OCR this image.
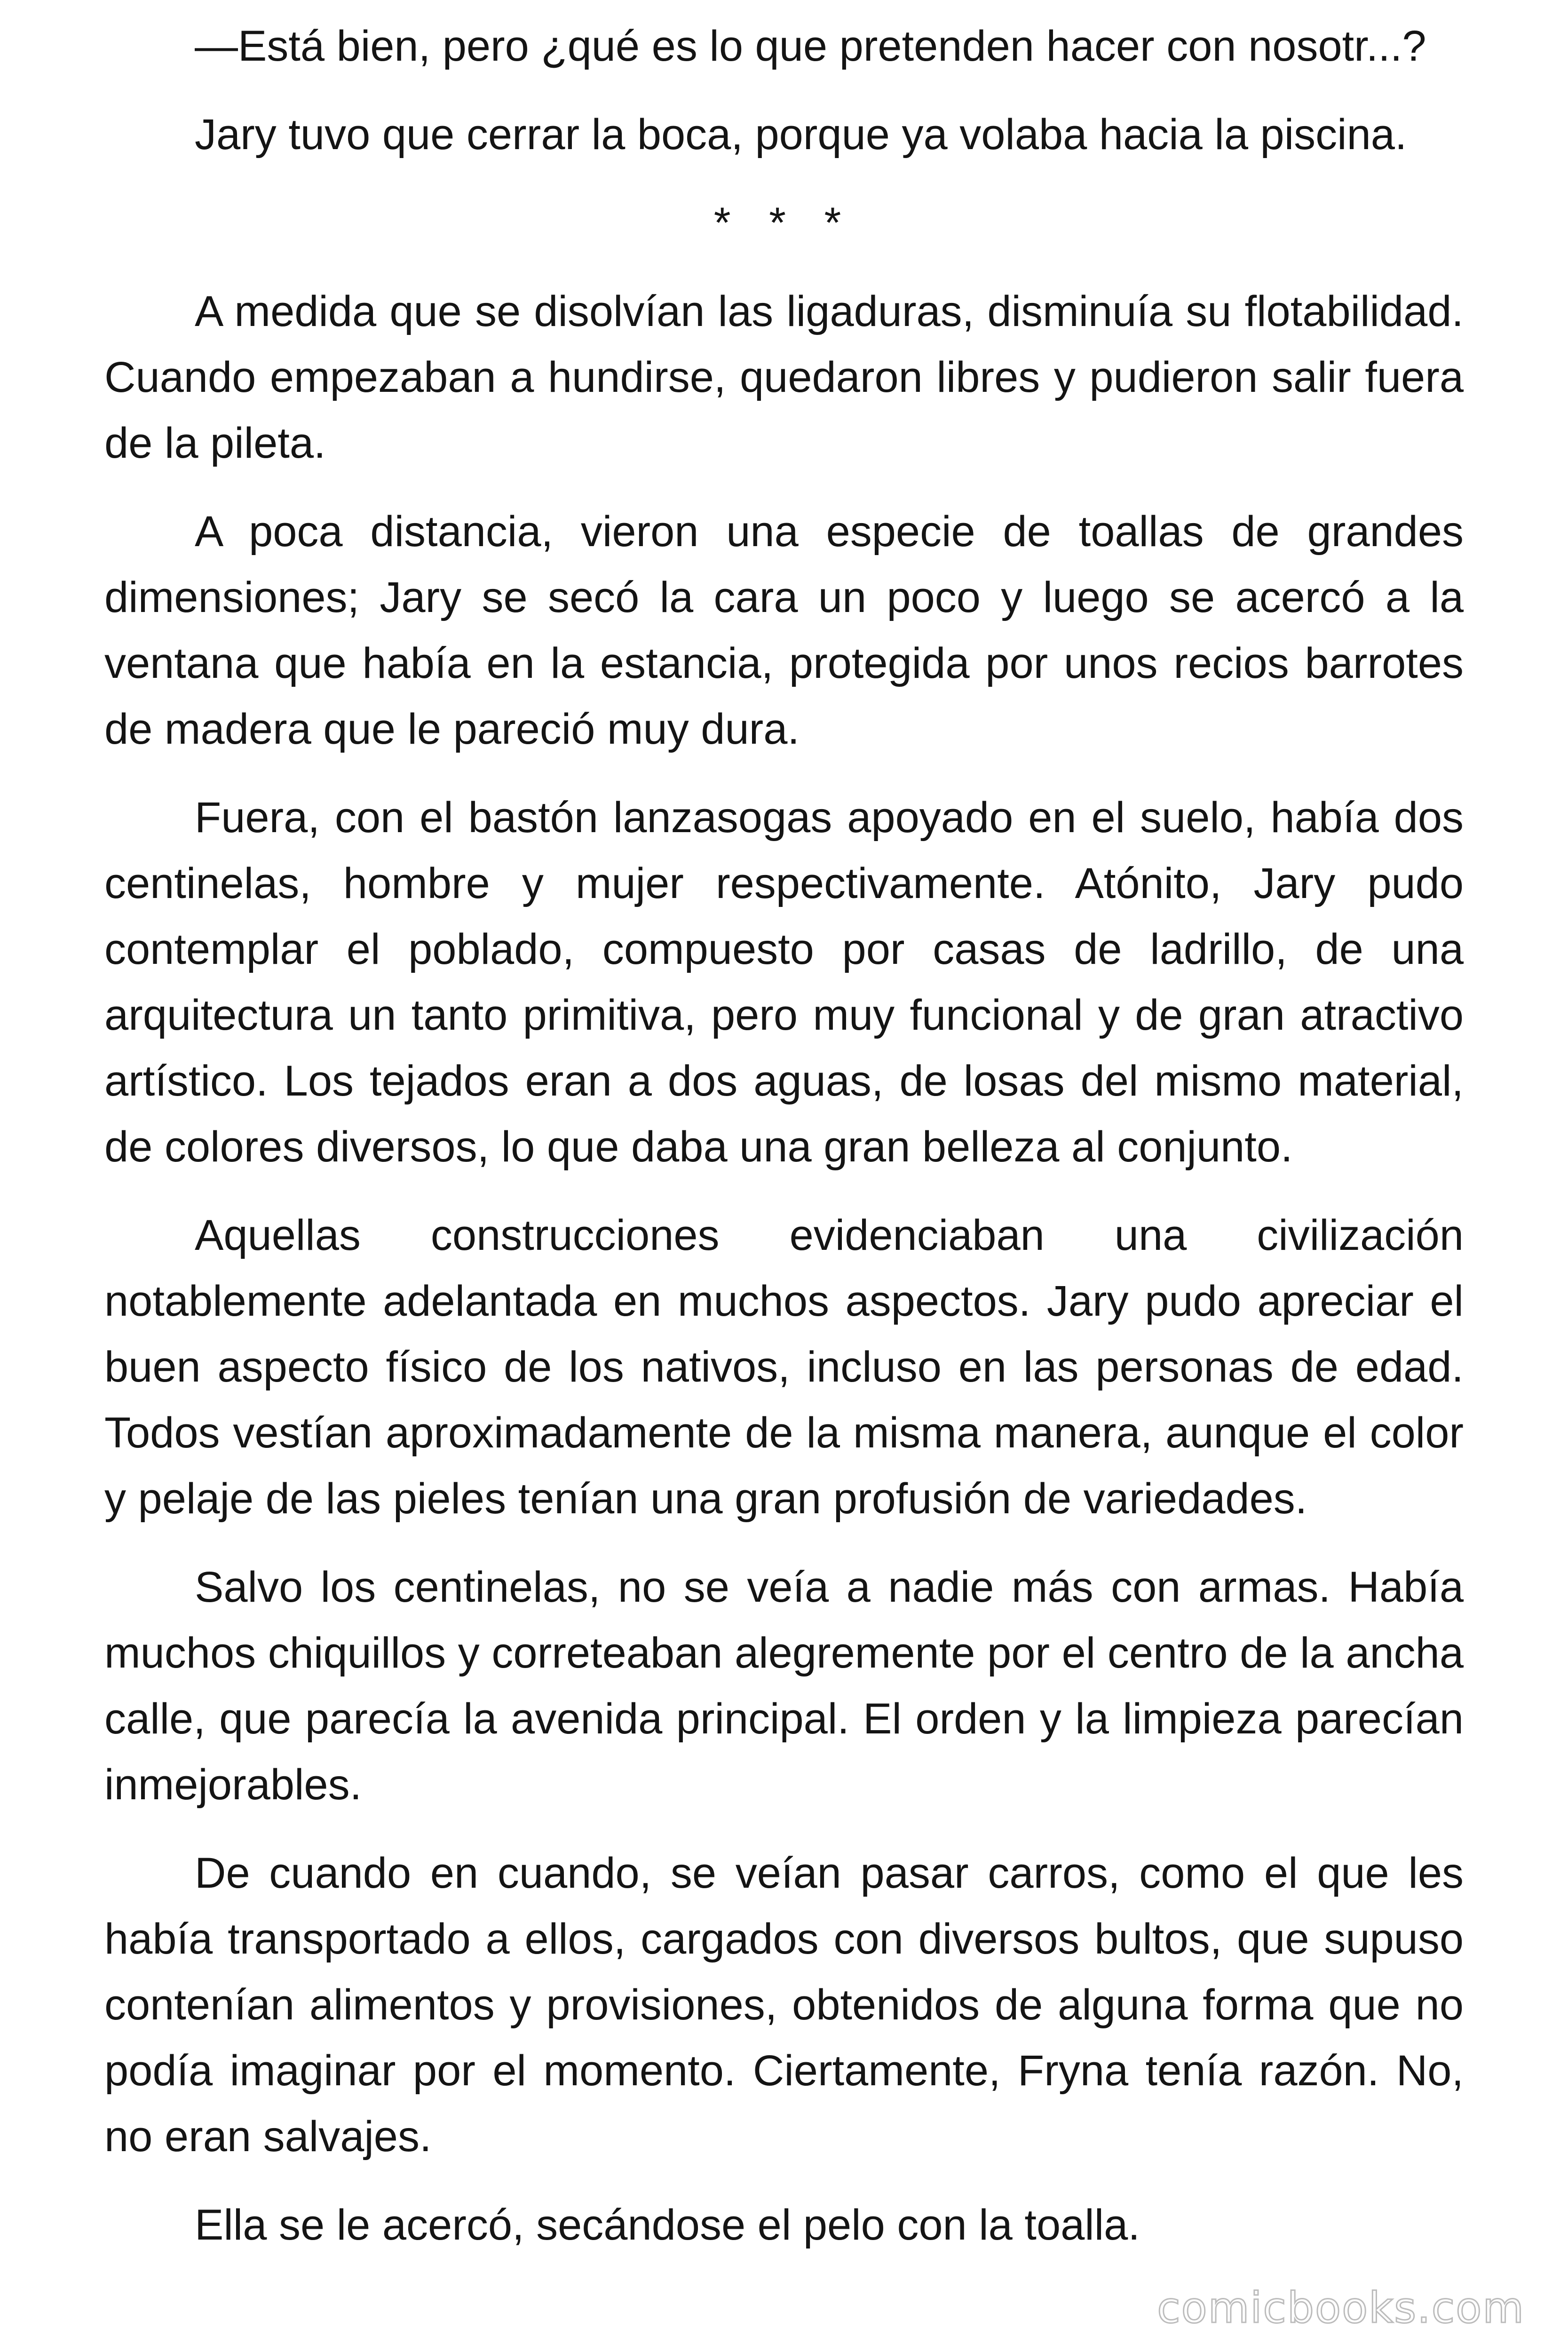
—Está bien, pero ¿qué es lo que pretenden hacer con nosotr...?

Jary tuvo que cerrar la boca, porque ya volaba hacia la piscina.

* * *

A medida que se disolvían las ligaduras, disminuía su flotabilidad. Cuando empezaban a hundirse, quedaron libres y pudieron salir fuera de la pileta.

A poca distancia, vieron una especie de toallas de grandes dimensiones; Jary se secó la cara un poco y luego se acercó a la ventana que había en la estancia, protegida por unos recios barrotes de madera que le pareció muy dura.

Fuera, con el bastón lanzasogas apoyado en el suelo, había dos centinelas, hombre y mujer respectivamente. Atónito, Jary pudo contemplar el poblado, compuesto por casas de ladrillo, de una arquitectura un tanto primitiva, pero muy funcional y de gran atractivo artístico. Los tejados eran a dos aguas, de losas del mismo material, de colores diversos, lo que daba una gran belleza al conjunto.

Aquellas construcciones evidenciaban una civilización notablemente adelantada en muchos aspectos. Jary pudo apreciar el buen aspecto físico de los nativos, incluso en las personas de edad. Todos vestían aproximadamente de la misma manera, aunque el color y pelaje de las pieles tenían una gran profusión de variedades.

Salvo los centinelas, no se veía a nadie más con armas. Había muchos chiquillos y correteaban alegremente por el centro de la ancha calle, que parecía la avenida principal. El orden y la limpieza parecían inmejorables.

De cuando en cuando, se veían pasar carros, como el que les había transportado a ellos, cargados con diversos bultos, que supuso contenían alimentos y provisiones, obtenidos de alguna forma que no podía imaginar por el momento. Ciertamente, Fryna tenía razón. No, no eran salvajes.

Ella se le acercó, secándose el pelo con la toalla.

comicbooks.com
